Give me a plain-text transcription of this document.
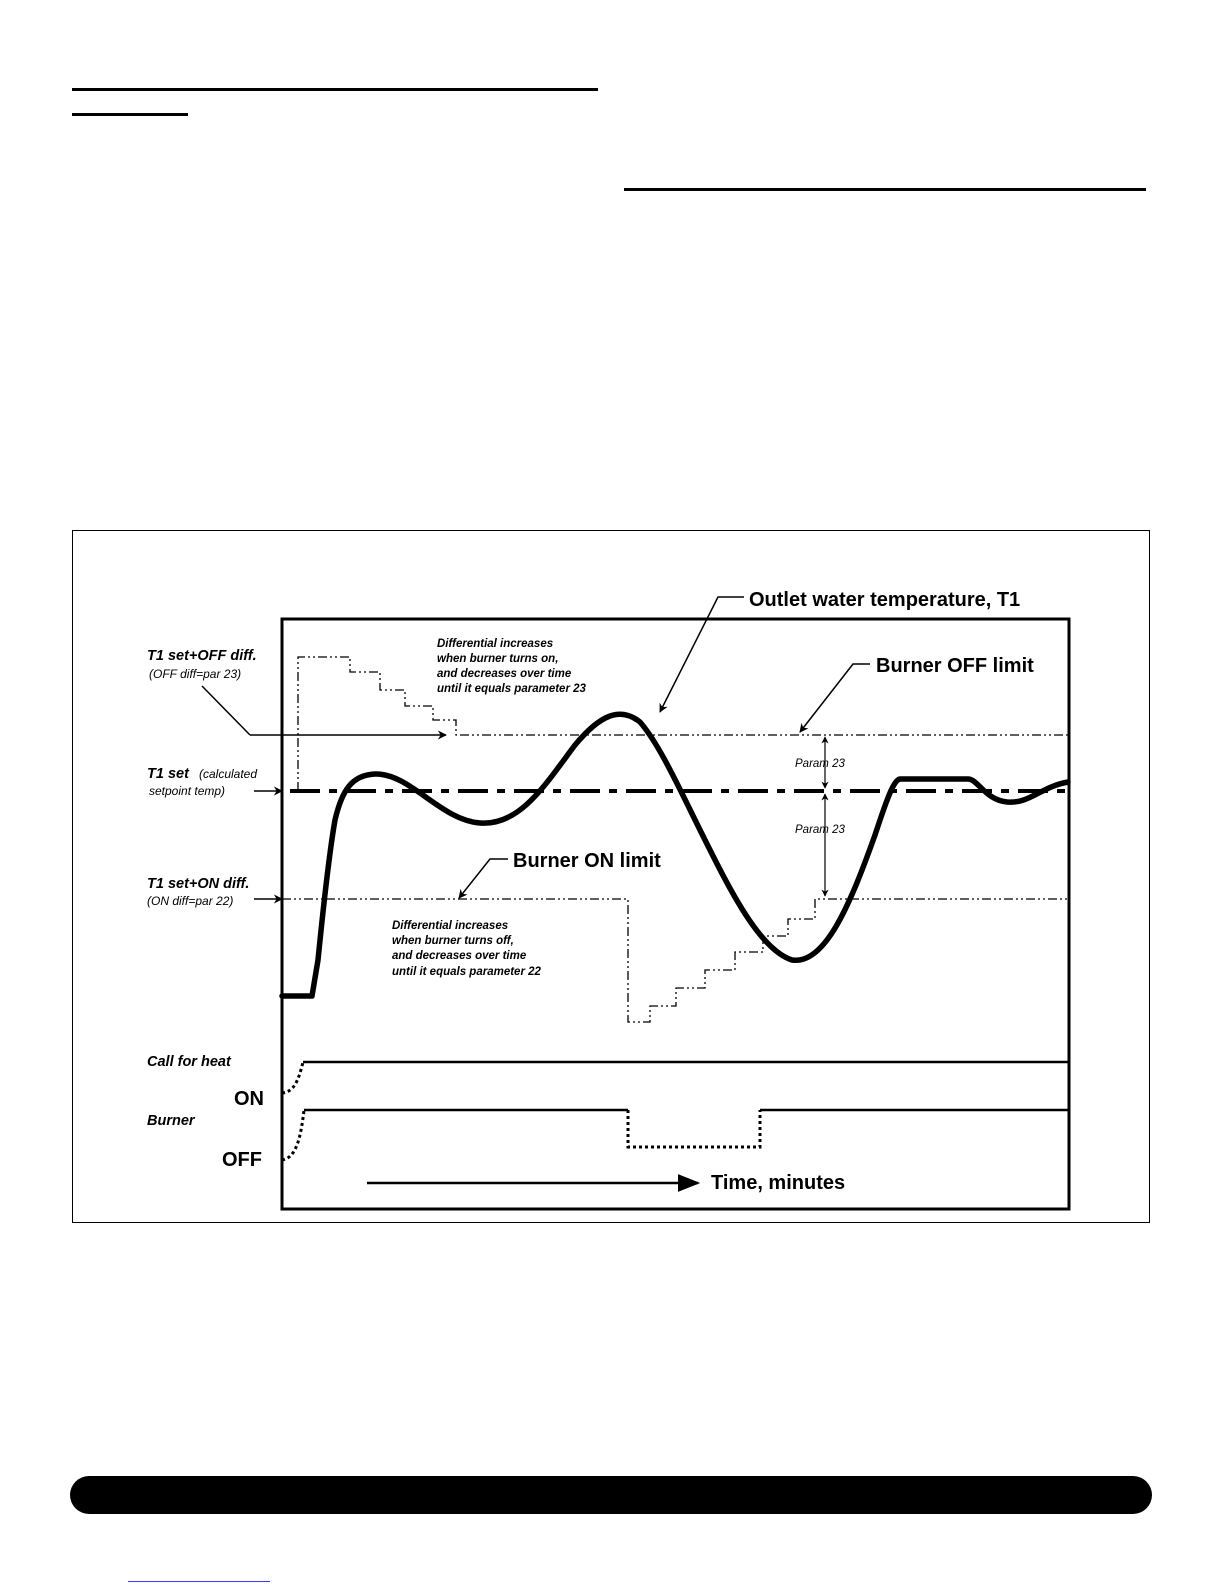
T1 set+OFF diff.
(OFF diff=par 23)
T1 set (calculated
setpoint temp)
T1 set+ON diff.
(ON diff=par 22)
Differential increases
when burner turns on,
and decreases over time
until it equals parameter 23
Differential increases
when burner turns off,
and decreases over time
until it equals parameter 22
Outlet water temperature, T1
Burner OFF limit
Burner ON limit
Param 23
Param 23
Call for heat
ON
Burner
OFF
Time, minutes
